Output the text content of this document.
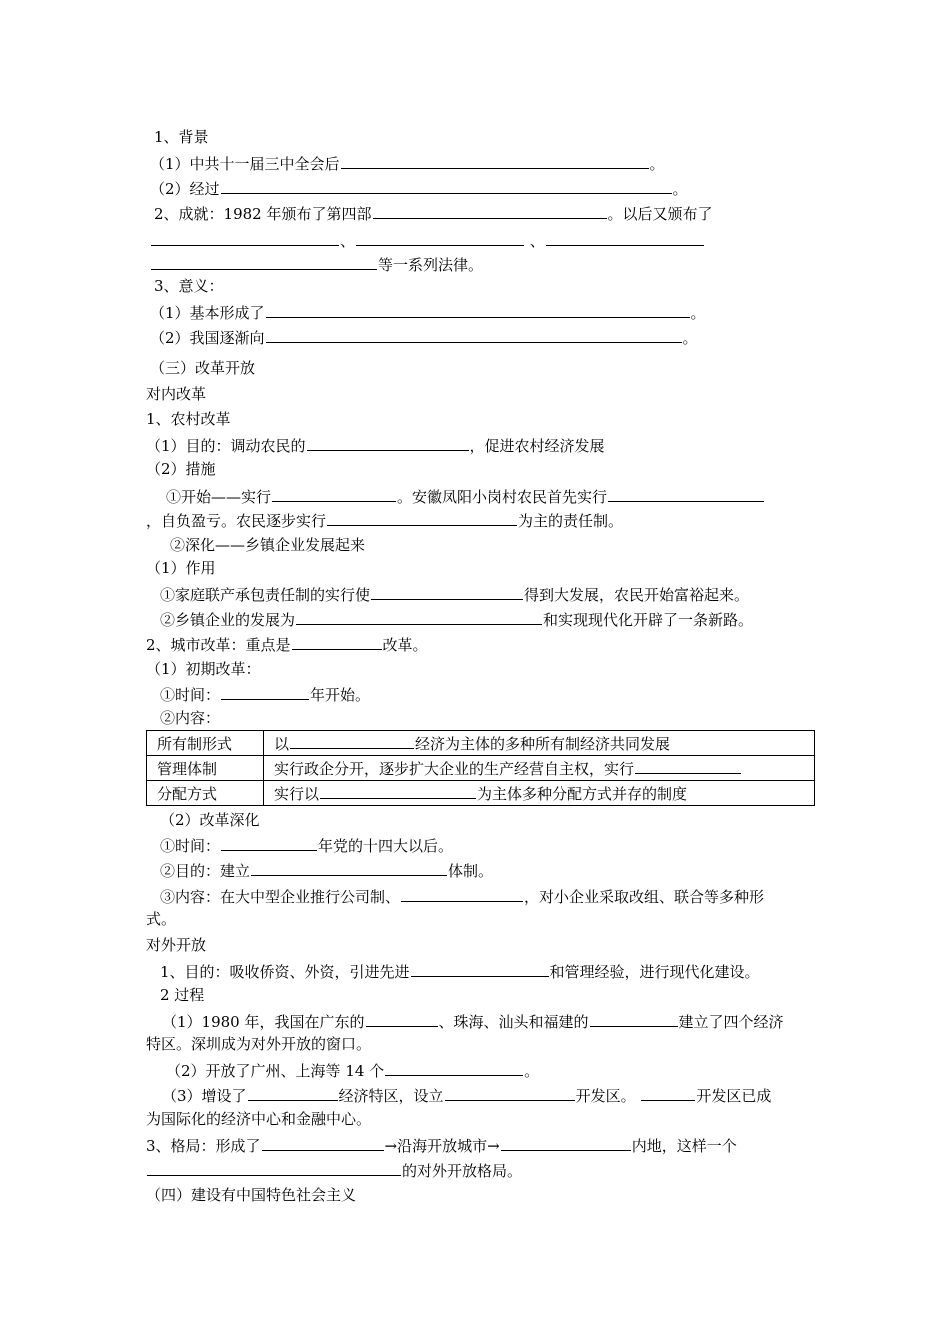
1、背景
（1）中共十一届三中全会后	。
（2）经过	。
2、成就：1982 年颁布了第四部	。以后又颁布了
、	、
等一系列法律。
3、意义：
（1）基本形成了	。
（2）我国逐渐向	。
（三）改革开放
对内改革
1、农村改革
（1）目的：调动农民的	，促进农村经济发展
（2）措施
①开始——实行	。安徽凤阳小岗村农民首先实行
，自负盈亏。农民逐步实行	为主的责任制。
②深化——乡镇企业发展起来
（1）作用
①家庭联产承包责任制的实行使	得到大发展，农民开始富裕起来。
②乡镇企业的发展为	和实现现代化开辟了一条新路。
2、城市改革：重点是	改革。
（1）初期改革：
①时间：	年开始。
②内容：
所有制形式	以 经济为主体的多种所有制经济共同发展
管理体制	实行政企分开，逐步扩大企业的生产经营自主权，实行
分配方式	实行以 为主体多种分配方式并存的制度
（2）改革深化
①时间：	年党的十四大以后。
②目的：建立	体制。
③内容：在大中型企业推行公司制、	，对小企业采取改组、联合等多种形
式。
对外开放
1、目的：吸收侨资、外资，引进先进	和管理经验，进行现代化建设。
2 过程
（1）1980 年，我国在广东的	、珠海、汕头和福建的	建立了四个经济
特区。深圳成为对外开放的窗口。
（2）开放了广州、上海等 14 个	。
（3）增设了	经济特区，设立	开发区。	开发区已成
为国际化的经济中心和金融中心。
3、格局：形成了	→沿海开放城市→	内地，这样一个
的对外开放格局。
（四）建设有中国特色社会主义
